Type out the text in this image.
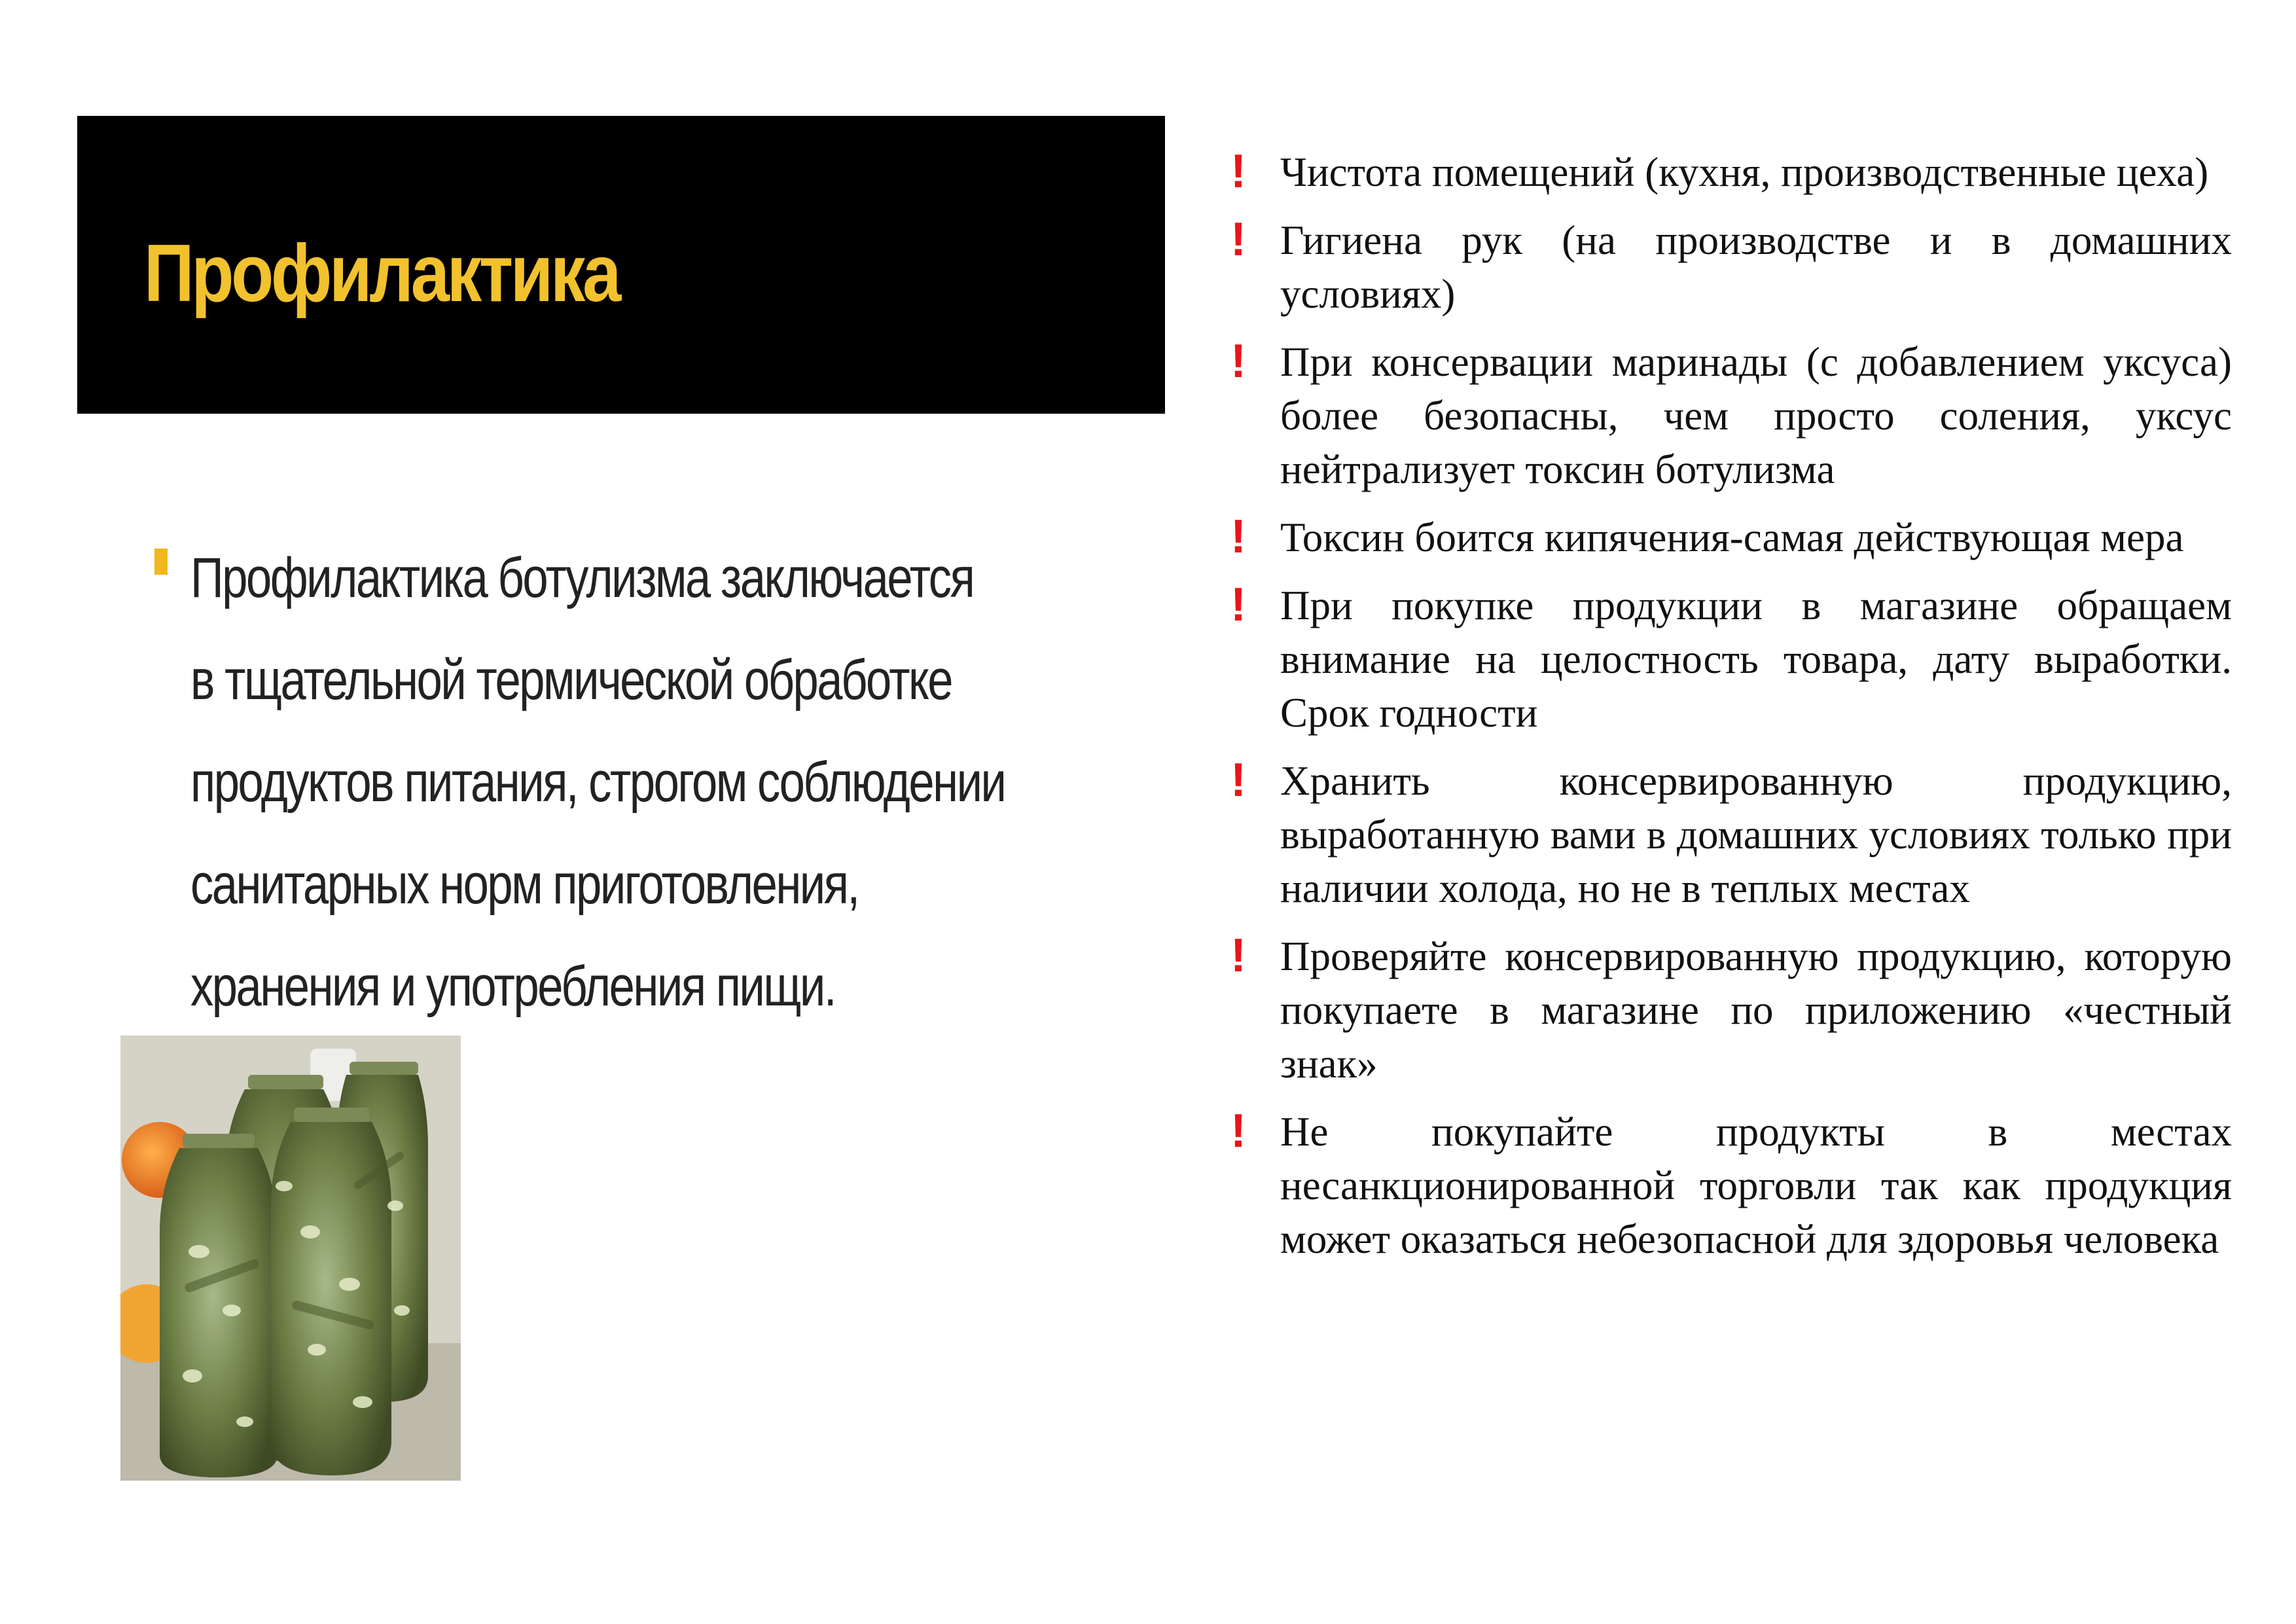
Профилактика
Профилактика ботулизма заключается
в тщательной термической обработке
продуктов питания, строгом соблюдении
санитарных норм приготовления,
хранения и употребления пищи.
! Чистота помещений (кухня, производственные цеха)
! Гигиена рук (на производстве и в домашних условиях)
! При консервации маринады (с добавлением уксуса) более безопасны, чем просто соления, уксус нейтрализует токсин ботулизма
! Токсин боится кипячения-самая действующая мера
! При покупке продукции в магазине обращаем внимание на целостность товара, дату выработки. Срок годности
! Хранить консервированную продукцию, выработанную вами в домашних условиях только при наличии холода, но не в теплых местах
! Проверяйте консервированную продукцию, которую покупаете в магазине по приложению «честный знак»
! Не покупайте продукты в местах несанкционированной торговли так как продукция может оказаться небезопасной для здоровья человека
